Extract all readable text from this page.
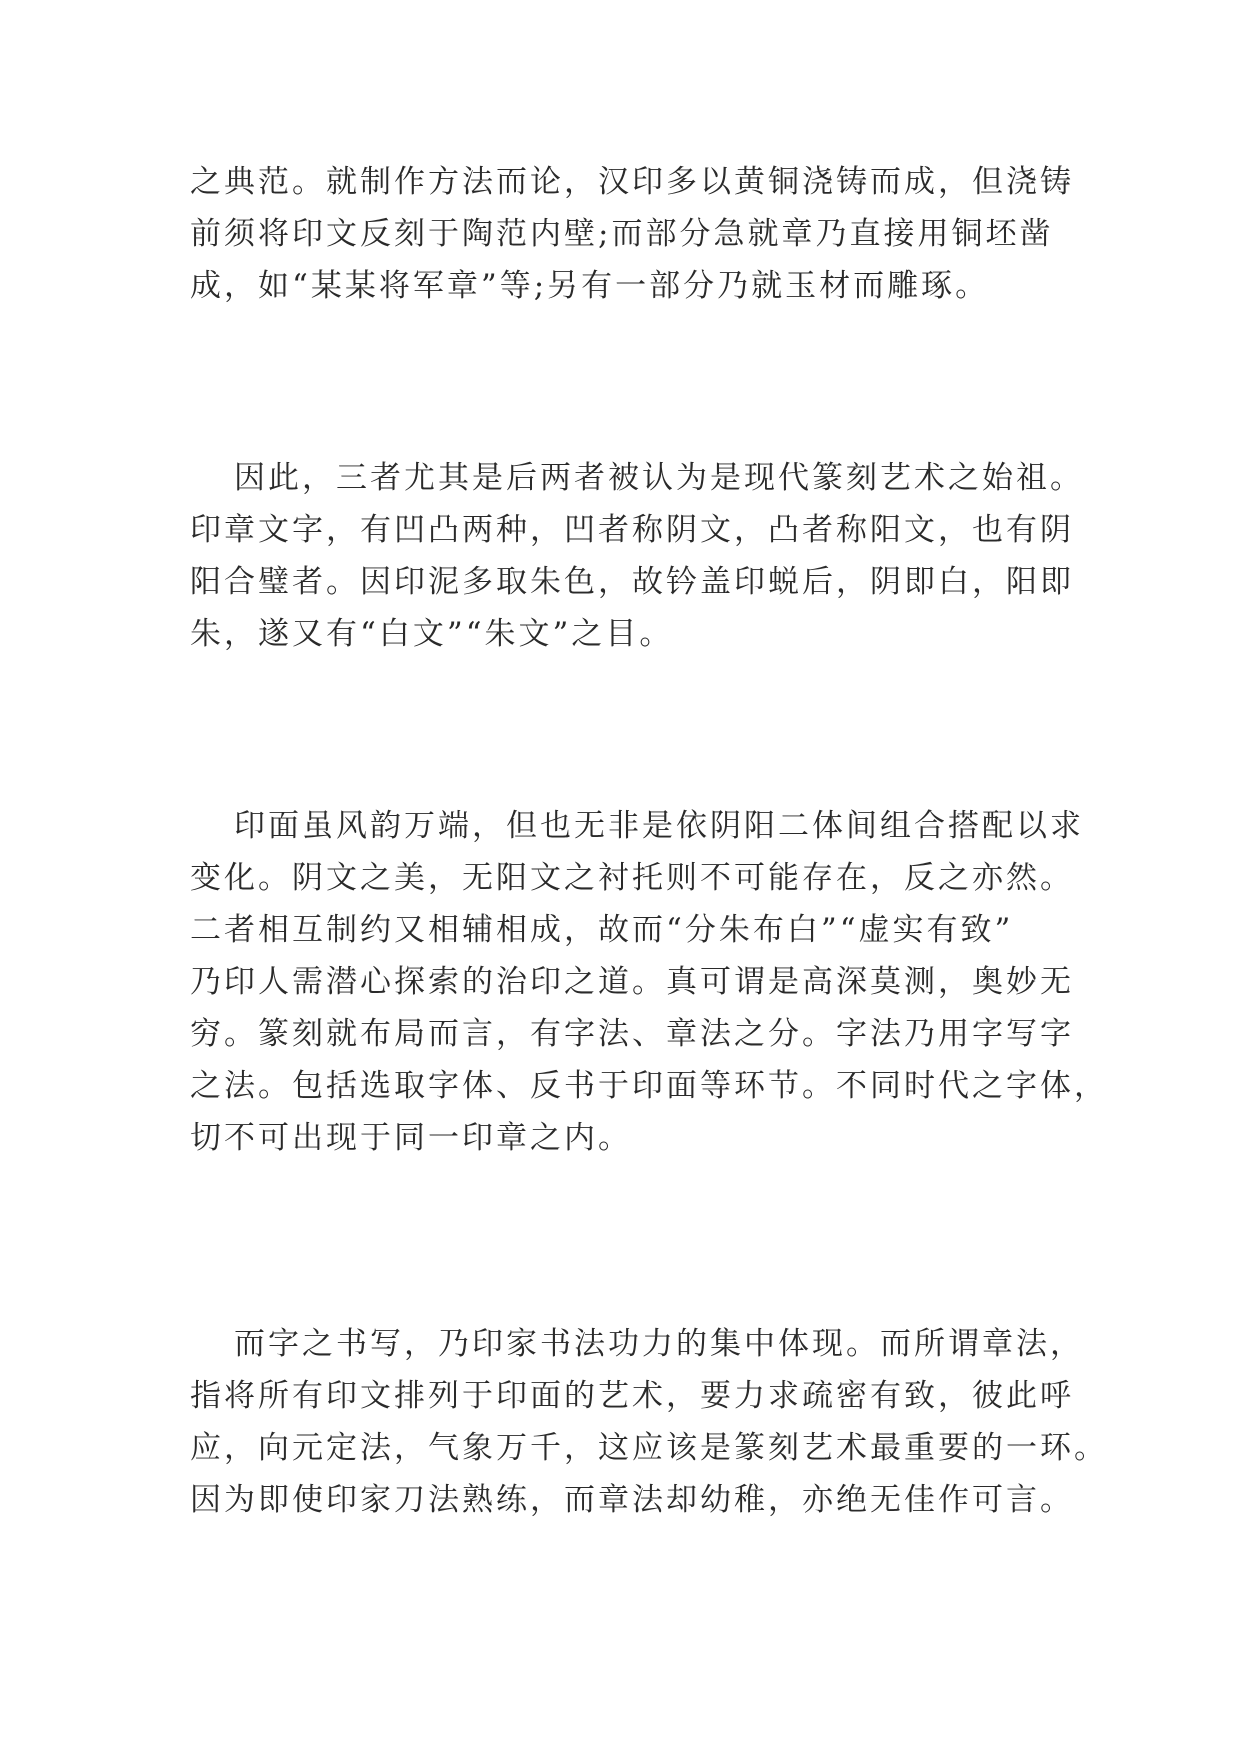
之典范。就制作方法而论，汉印多以黄铜浇铸而成，但浇铸
前须将印文反刻于陶范内壁;而部分急就章乃直接用铜坯凿
成，如“某某将军章”等;另有一部分乃就玉材而雕琢。
因此，三者尤其是后两者被认为是现代篆刻艺术之始祖。
印章文字，有凹凸两种，凹者称阴文，凸者称阳文，也有阴
阳合璧者。因印泥多取朱色，故钤盖印蜕后，阴即白，阳即
朱，遂又有“白文”“朱文”之目。
印面虽风韵万端，但也无非是依阴阳二体间组合搭配以求
变化。阴文之美，无阳文之衬托则不可能存在，反之亦然。
二者相互制约又相辅相成，故而“分朱布白”“虚实有致”
乃印人需潜心探索的治印之道。真可谓是高深莫测，奥妙无
穷。篆刻就布局而言，有字法、章法之分。字法乃用字写字
之法。包括选取字体、反书于印面等环节。不同时代之字体，
切不可出现于同一印章之内。
而字之书写，乃印家书法功力的集中体现。而所谓章法，
指将所有印文排列于印面的艺术，要力求疏密有致，彼此呼
应，向元定法，气象万千，这应该是篆刻艺术最重要的一环。
因为即使印家刀法熟练，而章法却幼稚，亦绝无佳作可言。
